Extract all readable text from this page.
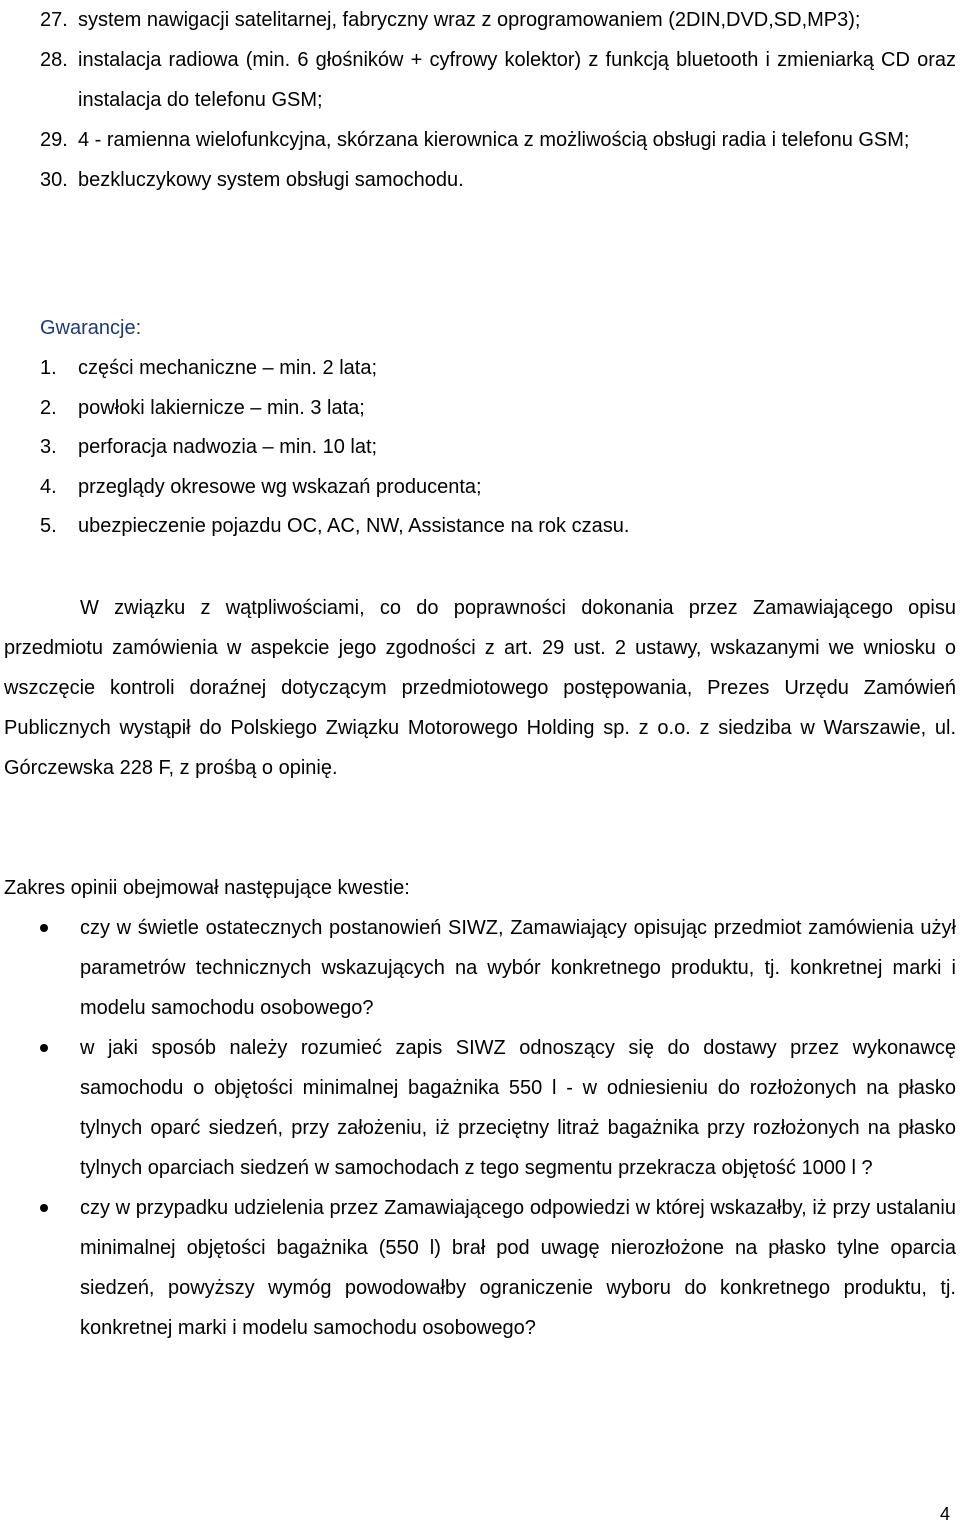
27. system nawigacji satelitarnej, fabryczny wraz z oprogramowaniem (2DIN,DVD,SD,MP3);
28. instalacja radiowa (min. 6 głośników + cyfrowy kolektor) z funkcją bluetooth i zmieniarką CD oraz instalacja do telefonu GSM;
29. 4 - ramienna wielofunkcyjna, skórzana kierownica z możliwością obsługi radia i telefonu GSM;
30. bezkluczykowy system obsługi samochodu.
Gwarancje:
1. części mechaniczne – min. 2 lata;
2. powłoki lakiernicze – min. 3 lata;
3. perforacja nadwozia – min. 10 lat;
4. przeglądy okresowe wg wskazań producenta;
5. ubezpieczenie pojazdu OC, AC, NW, Assistance na rok czasu.

W związku z wątpliwościami, co do poprawności dokonania przez Zamawiającego opisu przedmiotu zamówienia w aspekcie jego zgodności z art. 29 ust. 2 ustawy, wskazanymi we wniosku o wszczęcie kontroli doraźnej dotyczącym przedmiotowego postępowania, Prezes Urzędu Zamówień Publicznych wystąpił do Polskiego Związku Motorowego Holding sp. z o.o. z siedziba w Warszawie, ul. Górczewska 228 F, z prośbą o opinię.

Zakres opinii obejmował następujące kwestie:

czy w świetle ostatecznych postanowień SIWZ, Zamawiający opisując przedmiot zamówienia użył parametrów technicznych wskazujących na wybór konkretnego produktu, tj. konkretnej marki i modelu samochodu osobowego?
w jaki sposób należy rozumieć zapis SIWZ odnoszący się do dostawy przez wykonawcę samochodu o objętości minimalnej bagażnika 550 l - w odniesieniu do rozłożonych na płasko tylnych oparć siedzeń, przy założeniu, iż przeciętny litraż bagażnika przy rozłożonych na płasko tylnych oparciach siedzeń w samochodach z tego segmentu przekracza objętość 1000 l ?
czy w przypadku udzielenia przez Zamawiającego odpowiedzi w której wskazałby, iż przy ustalaniu minimalnej objętości bagażnika (550 l) brał pod uwagę nierozłożone na płasko tylne oparcia siedzeń, powyższy wymóg powodowałby ograniczenie wyboru do konkretnego produktu, tj. konkretnej marki i modelu samochodu osobowego?
4
